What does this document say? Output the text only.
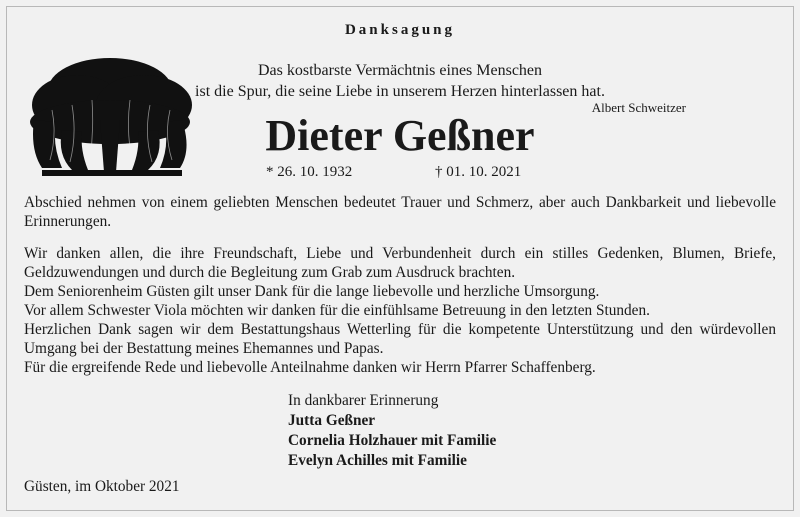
Danksagung
Das kostbarste Vermächtnis eines Menschen
ist die Spur, die seine Liebe in unserem Herzen hinterlassen hat.
Albert Schweitzer
Dieter Geßner
* 26. 10. 1932	† 01. 10. 2021
Abschied nehmen von einem geliebten Menschen bedeutet Trauer und Schmerz, aber auch Dankbarkeit und liebevolle Erinnerungen.

Wir danken allen, die ihre Freundschaft, Liebe und Verbundenheit durch ein stilles Gedenken, Blumen, Briefe, Geldzuwendungen und durch die Begleitung zum Grab zum Ausdruck brachten.

Dem Seniorenheim Güsten gilt unser Dank für die lange liebevolle und herzliche Umsorgung.

Vor allem Schwester Viola möchten wir danken für die einfühlsame Betreuung in den letzten Stunden.

Herzlichen Dank sagen wir dem Bestattungshaus Wetterling für die kompetente Unterstützung und den würdevollen Umgang bei der Bestattung meines Ehemannes und Papas.

Für die ergreifende Rede und liebevolle Anteilnahme danken wir Herrn Pfarrer Schaffenberg.

In dankbarer Erinnerung
Jutta Geßner
Cornelia Holzhauer mit Familie
Evelyn Achilles mit Familie
Güsten, im Oktober 2021
